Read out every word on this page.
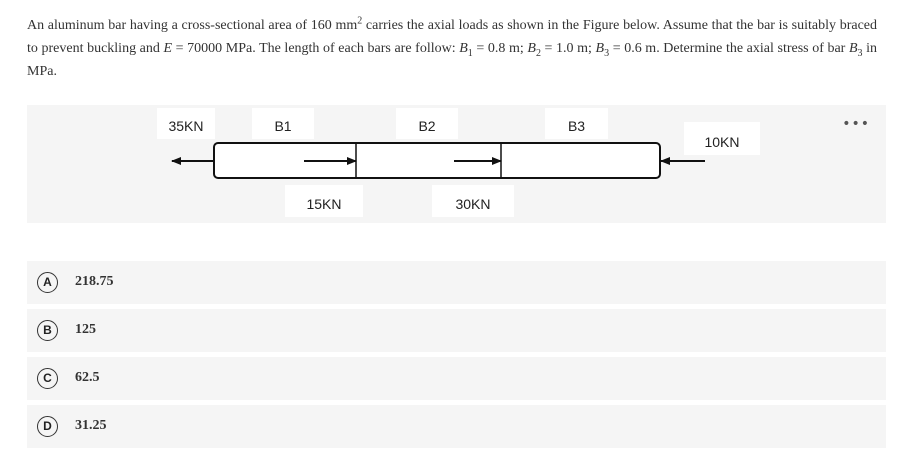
An aluminum bar having a cross-sectional area of 160 $mm^2$ carries the axial loads as shown in the Figure below. Assume that the bar is suitably braced to prevent buckling and E = 70000 MPa. The length of each bars are follow: $B_1 = 0.8$ m; $B_2 = 1.0$ m; $B_3 = 0.6$ m. Determine the axial stress of bar $B_3$ in MPa.
•••
35KN	B1	B2	B3
10KN
15KN	30KN
A	218.75
B	125
C	62.5
D	31.25
